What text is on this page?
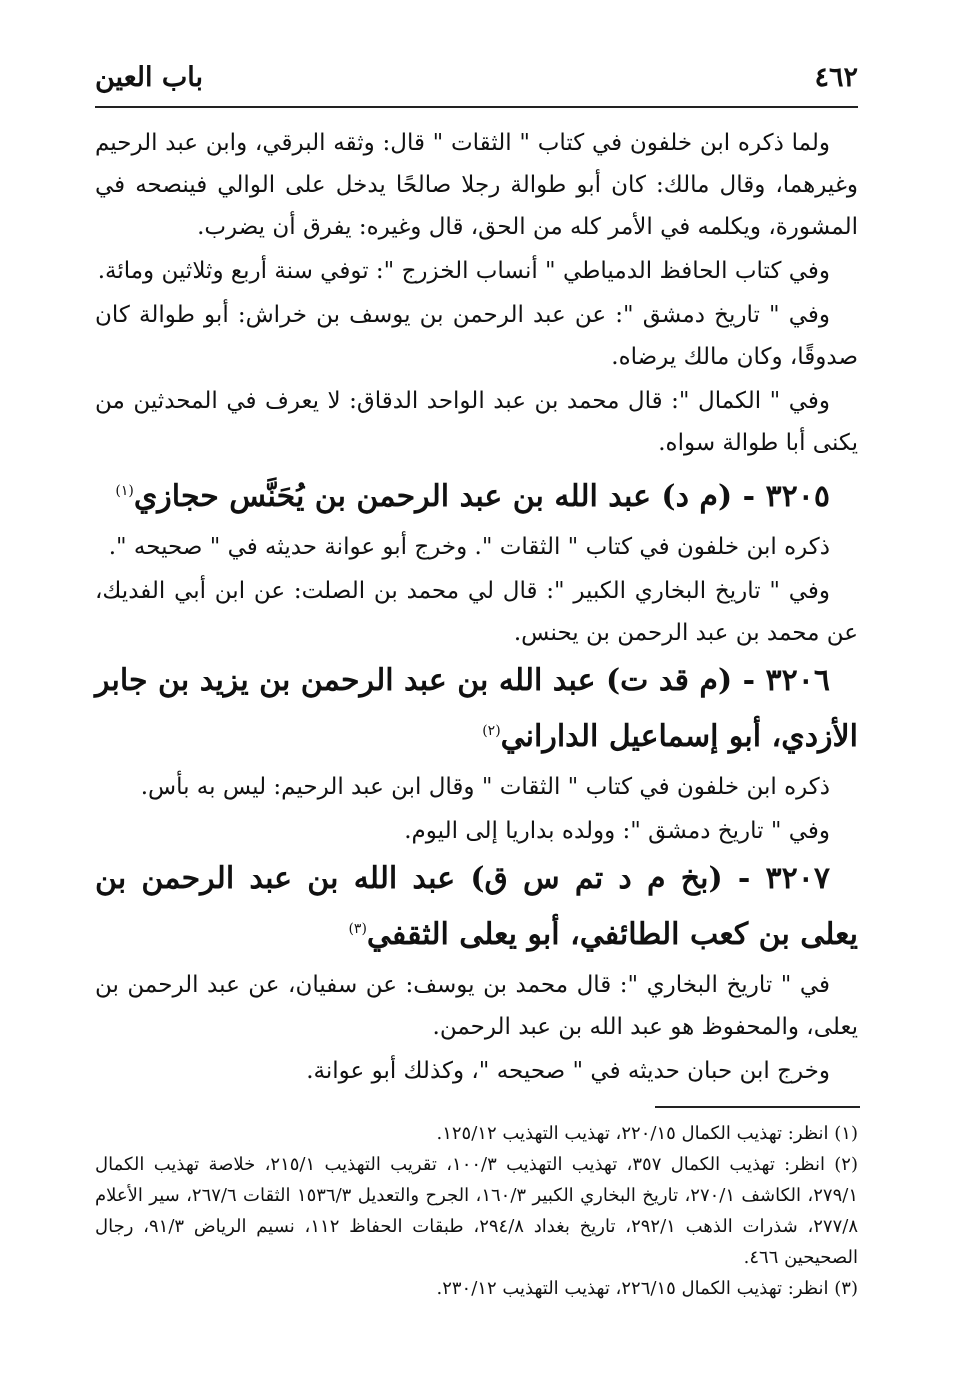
٤٦٢
باب العين

ولما ذكره ابن خلفون في كتاب " الثقات " قال: وثقه البرقي، وابن عبد الرحيم وغيرهما، وقال مالك: كان أبو طوالة رجلا صالحًا يدخل على الوالي فينصحه في المشورة، ويكلمه في الأمر كله من الحق، قال وغيره: يفرق أن يضرب.

وفي كتاب الحافظ الدمياطي " أنساب الخزرج ": توفي سنة أربع وثلاثين ومائة.

وفي " تاريخ دمشق ": عن عبد الرحمن بن يوسف بن خراش: أبو طوالة كان صدوقًا، وكان مالك يرضاه.

وفي " الكمال ": قال محمد بن عبد الواحد الدقاق: لا يعرف في المحدثين من يكنى أبا طوالة سواه.

٣٢٠٥ - (م د) عبد الله بن عبد الرحمن بن يُحَنَّس حجازي$^{(١)}$

ذكره ابن خلفون في كتاب " الثقات ". وخرج أبو عوانة حديثه في " صحيحه ".

وفي " تاريخ البخاري الكبير ": قال لي محمد بن الصلت: عن ابن أبي الفديك، عن محمد بن عبد الرحمن بن يحنس.

٣٢٠٦ - (م قد ت) عبد الله بن عبد الرحمن بن يزيد بن جابر الأزدي، أبو إسماعيل الداراني$^{(٢)}$

ذكره ابن خلفون في كتاب " الثقات " وقال ابن عبد الرحيم: ليس به بأس.

وفي " تاريخ دمشق ": وولده بداريا إلى اليوم.

٣٢٠٧ - (بخ م د تم س ق) عبد الله بن عبد الرحمن بن يعلى بن كعب الطائفي، أبو يعلى الثقفي$^{(٣)}$

في " تاريخ البخاري ": قال محمد بن يوسف: عن سفيان، عن عبد الرحمن بن يعلى، والمحفوظ هو عبد الله بن عبد الرحمن.

وخرج ابن حبان حديثه في " صحيحه "، وكذلك أبو عوانة.

(١) انظر: تهذيب الكمال ٢٢٠/١٥، تهذيب التهذيب ١٢٥/١٢.

(٢) انظر: تهذيب الكمال ٣٥٧، تهذيب التهذيب ١٠٠/٣، تقريب التهذيب ٢١٥/١، خلاصة تهذيب الكمال ٢٧٩/١، الكاشف ٢٧٠/١، تاريخ البخاري الكبير ١٦٠/٣، الجرح والتعديل ١٥٣٦/٣ الثقات ٢٦٧/٦، سير الأعلام ٢٧٧/٨، شذرات الذهب ٢٩٢/١، تاريخ بغداد ٢٩٤/٨، طبقات الحفاظ ١١٢، نسيم الرياض ٩١/٣، رجال الصحيحين ٤٦٦.

(٣) انظر: تهذيب الكمال ٢٢٦/١٥، تهذيب التهذيب ٢٣٠/١٢.
